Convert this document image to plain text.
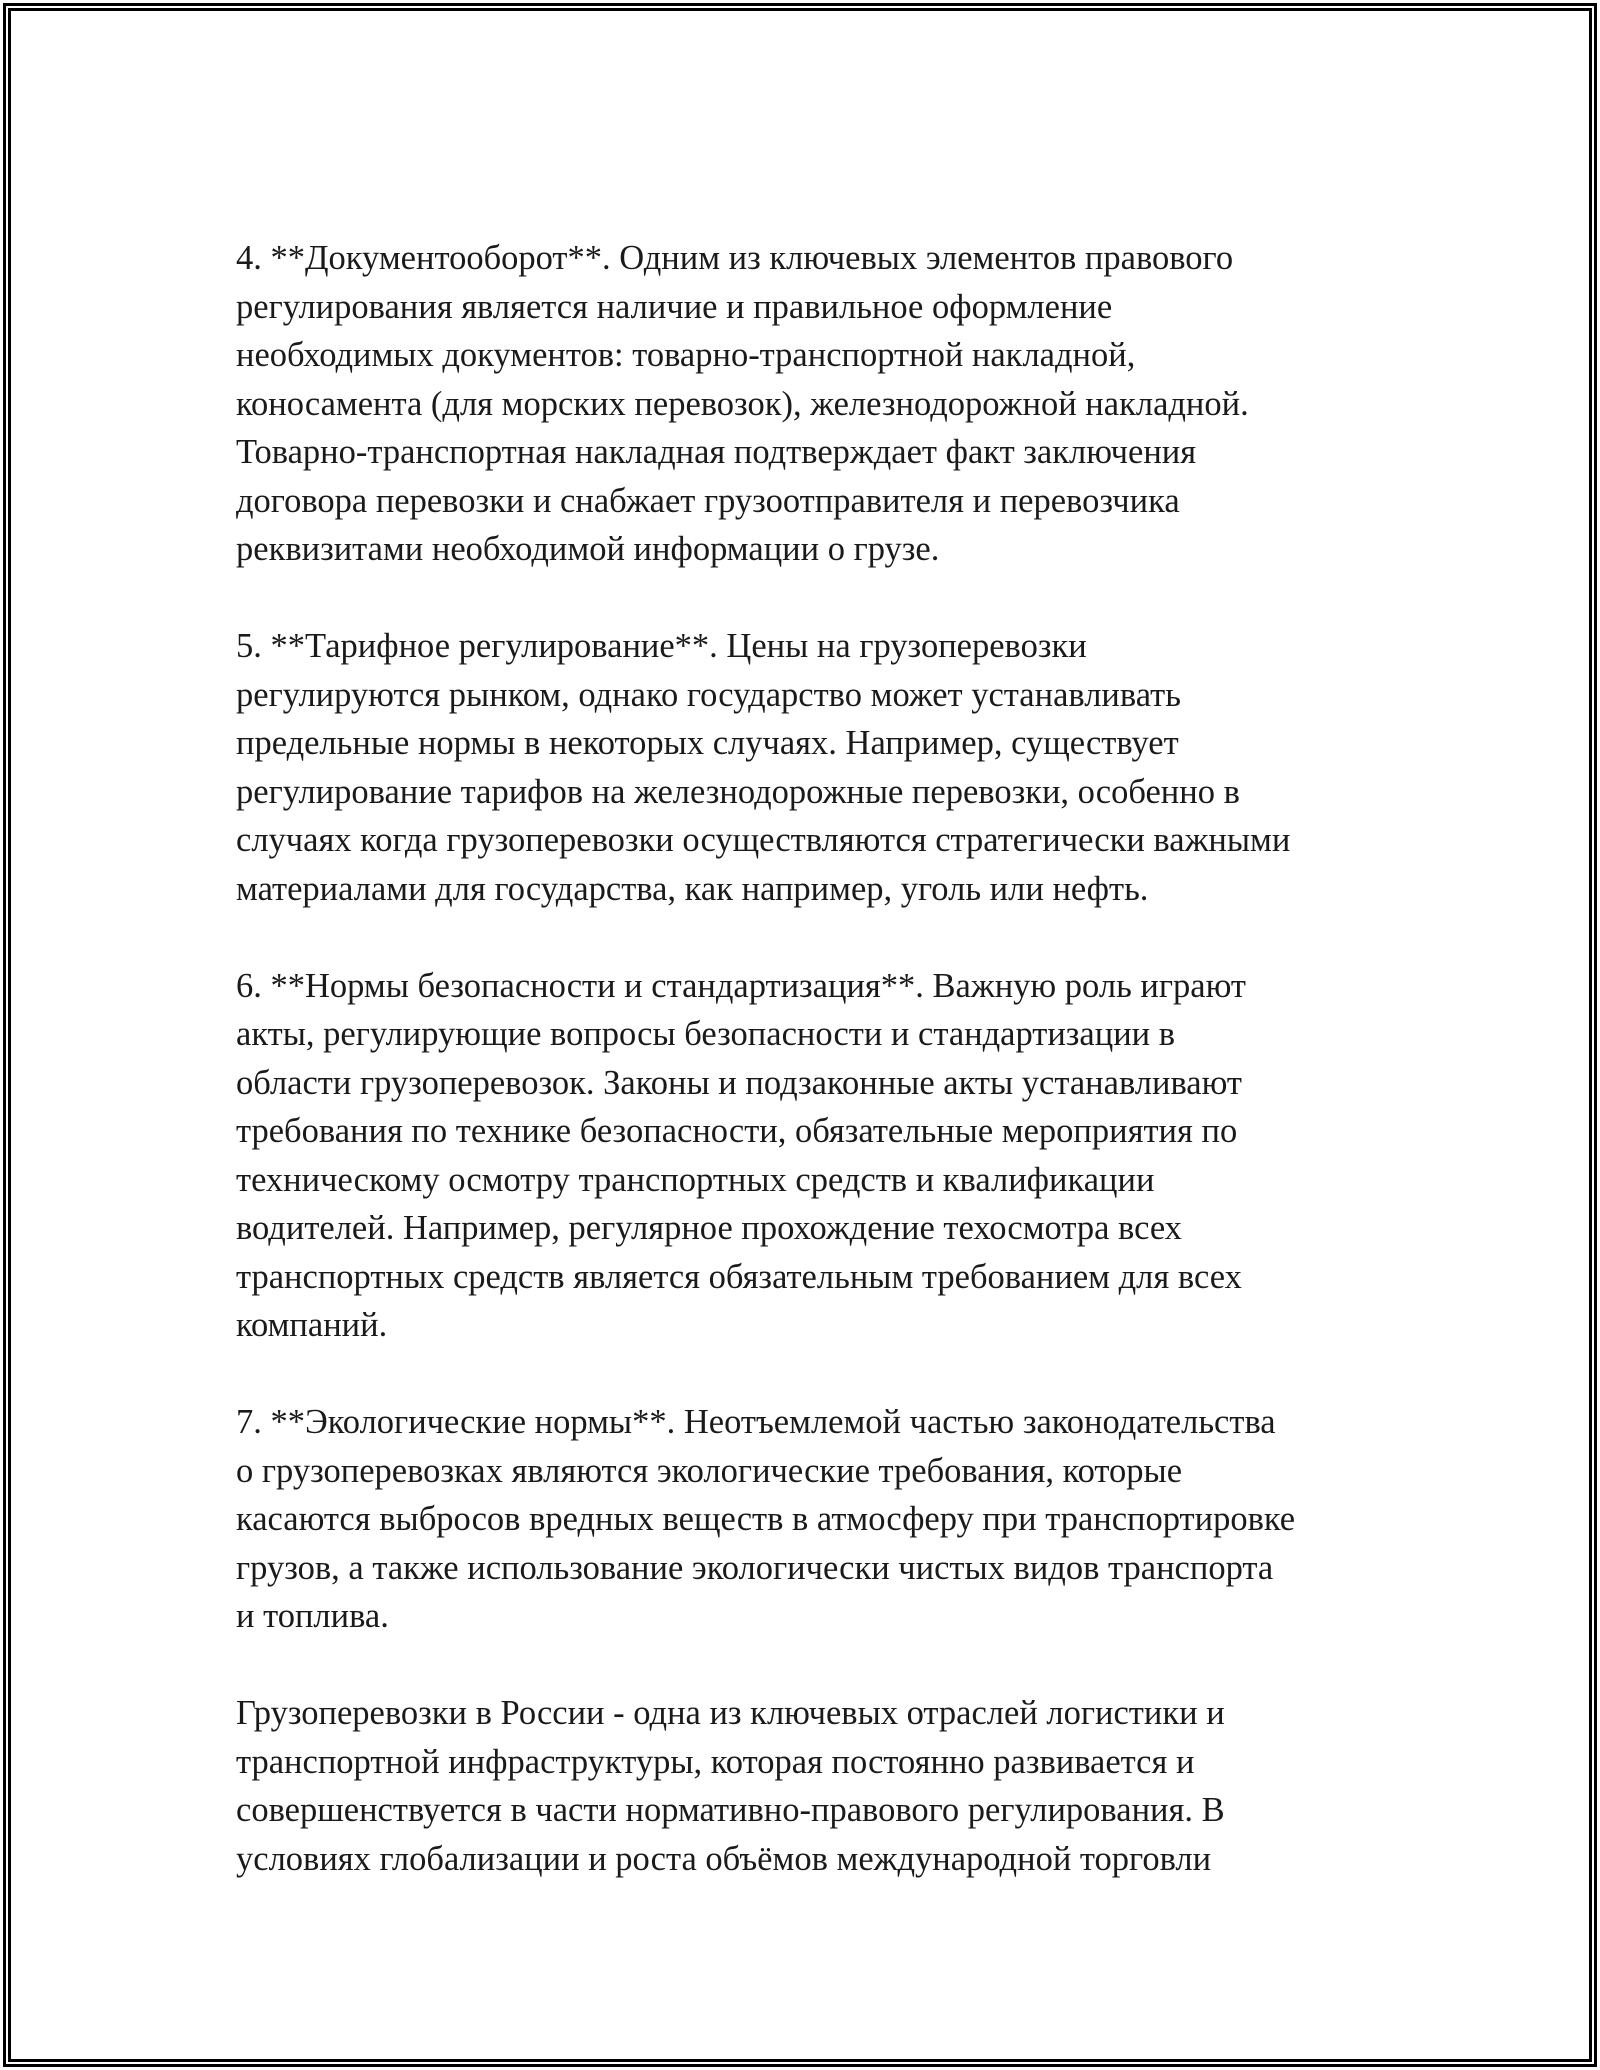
4. **Документооборот**. Одним из ключевых элементов правового
регулирования является наличие и правильное оформление
необходимых документов: товарно-транспортной накладной,
коносамента (для морских перевозок), железнодорожной накладной.
Товарно-транспортная накладная подтверждает факт заключения
договора перевозки и снабжает грузоотправителя и перевозчика
реквизитами необходимой информации о грузе.

5. **Тарифное регулирование**. Цены на грузоперевозки
регулируются рынком, однако государство может устанавливать
предельные нормы в некоторых случаях. Например, существует
регулирование тарифов на железнодорожные перевозки, особенно в
случаях когда грузоперевозки осуществляются стратегически важными
материалами для государства, как например, уголь или нефть.

6. **Нормы безопасности и стандартизация**. Важную роль играют
акты, регулирующие вопросы безопасности и стандартизации в
области грузоперевозок. Законы и подзаконные акты устанавливают
требования по технике безопасности, обязательные мероприятия по
техническому осмотру транспортных средств и квалификации
водителей. Например, регулярное прохождение техосмотра всех
транспортных средств является обязательным требованием для всех
компаний.

7. **Экологические нормы**. Неотъемлемой частью законодательства
о грузоперевозках являются экологические требования, которые
касаются выбросов вредных веществ в атмосферу при транспортировке
грузов, а также использование экологически чистых видов транспорта
и топлива.

Грузоперевозки в России - одна из ключевых отраслей логистики и
транспортной инфраструктуры, которая постоянно развивается и
совершенствуется в части нормативно-правового регулирования. В
условиях глобализации и роста объёмов международной торговли
